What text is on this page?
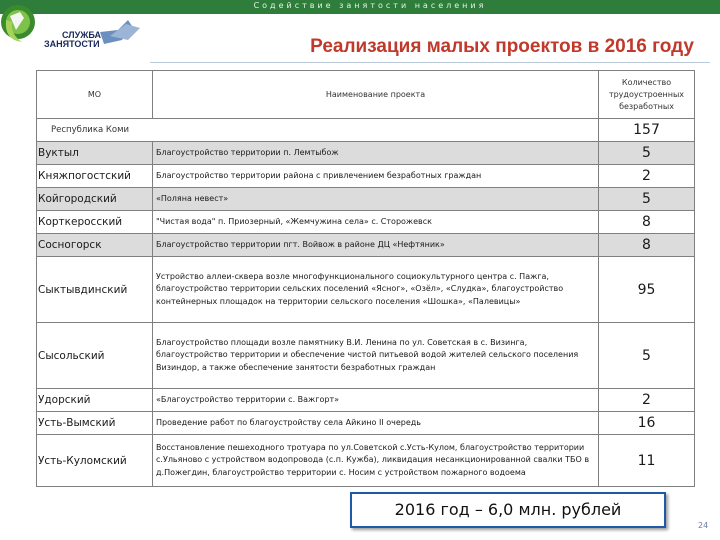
Содействие занятости населения
СЛУЖБА
ЗАНЯТОСТИ	Реализация малых проектов в 2016 году
МО	Наименование проекта	Количество трудоустроенных безработных
Республика Коми		157
Вуктыл	Благоустройство территории п. Лемтыбож	5
Княжпогостский	Благоустройство территории района с привлечением безработных граждан	2
Койгородский	«Поляна невест»	5
Корткеросский	"Чистая вода" п. Приозерный, «Жемчужина села» с. Сторожевск	8
Сосногорск	Благоустройство территории пгт. Войвож в районе ДЦ «Нефтяник»	8
Сыктывдинский	Устройство аллеи-сквера возле многофункционального социокультурного центра с. Пажга, благоустройство территории сельских поселений «Ясног», «Озёл», «Слудка», благоустройство контейнерных площадок на территории сельского поселения «Шошка», «Палевицы»	95
Сысольский	Благоустройство площади возле памятнику В.И. Ленина по ул. Советская в с. Визинга, благоустройство территории и обеспечение чистой питьевой водой жителей сельского поселения Визиндор, а также обеспечение занятости безработных граждан	5
Удорский	«Благоустройство территории с. Важгорт»	2
Усть-Вымский	Проведение работ по благоустройству села Айкино II очередь	16
Усть-Куломский	Восстановление пешеходного тротуара по ул.Советской с.Усть-Кулом, благоустройство территории с.Ульяново с устройством водопровода (с.п. Кужба), ликвидация несанкционированной свалки ТБО в д.Пожегдин, благоустройство территории с. Носим с устройством пожарного водоема	11
2016 год – 6,0 млн. рублей
24
